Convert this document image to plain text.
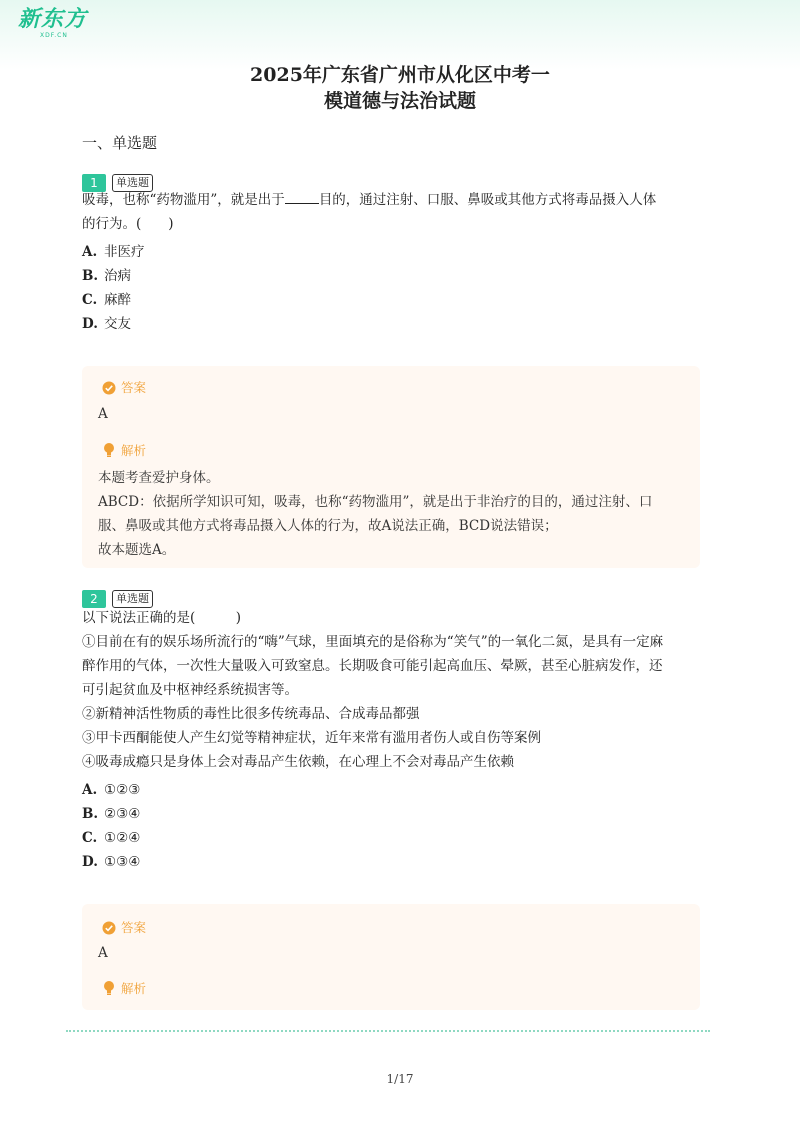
新东方
XDF.CN
2025年广东省广州市从化区中考一
模道德与法治试题
一、单选题
1 单选题
吸毒，也称“药物滥用”，就是出于	目的，通过注射、口服、鼻吸或其他方式将毒品摄入人体
的行为。(　　)
A. 非医疗
B. 治病
C. 麻醉
D. 交友
答案
A
解析
本题考查爱护身体。
ABCD：依据所学知识可知，吸毒，也称“药物滥用”，就是出于非治疗的目的，通过注射、口
服、鼻吸或其他方式将毒品摄入人体的行为，故A说法正确，BCD说法错误；
故本题选A。
2 单选题
以下说法正确的是(　　　)
①目前在有的娱乐场所流行的“嗨”气球，里面填充的是俗称为“笑气”的一氧化二氮，是具有一定麻
醉作用的气体，一次性大量吸入可致窒息。长期吸食可能引起高血压、晕厥，甚至心脏病发作，还
可引起贫血及中枢神经系统损害等。
②新精神活性物质的毒性比很多传统毒品、合成毒品都强
③甲卡西酮能使人产生幻觉等精神症状，近年来常有滥用者伤人或自伤等案例
④吸毒成瘾只是身体上会对毒品产生依赖，在心理上不会对毒品产生依赖
A. ①②③
B. ②③④
C. ①②④
D. ①③④
答案
A
解析
1/17
